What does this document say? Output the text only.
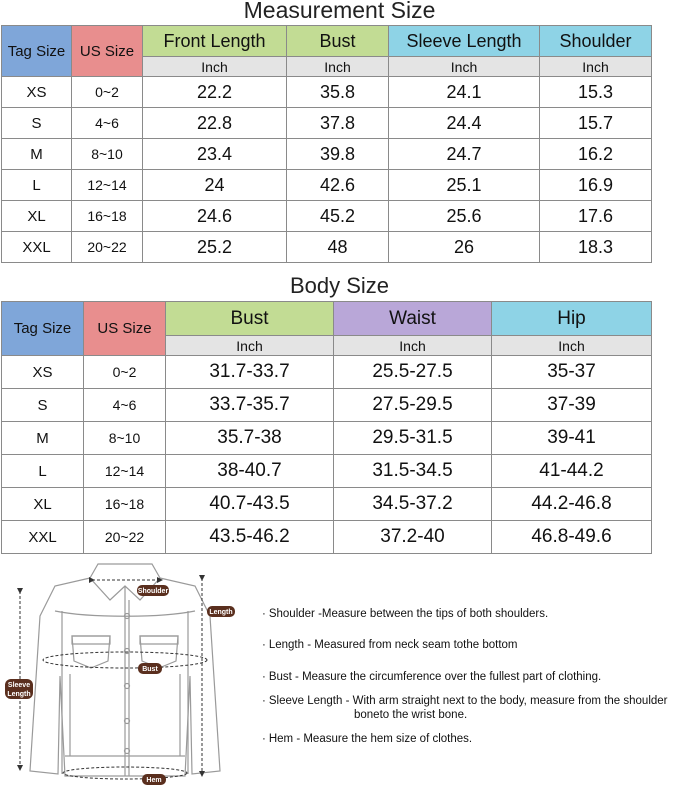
Measurement Size
Tag Size	US Size	Front Length	Bust	Sleeve Length	Shoulder
		Inch	Inch	Inch	Inch
XS	0~2	22.2	35.8	24.1	15.3
S	4~6	22.8	37.8	24.4	15.7
M	8~10	23.4	39.8	24.7	16.2
L	12~14	24	42.6	25.1	16.9
XL	16~18	24.6	45.2	25.6	17.6
XXL	20~22	25.2	48	26	18.3
Body Size
Tag Size	US Size	Bust	Waist	Hip
		Inch	Inch	Inch
XS	0~2	31.7-33.7	25.5-27.5	35-37
S	4~6	33.7-35.7	27.5-29.5	37-39
M	8~10	35.7-38	29.5-31.5	39-41
L	12~14	38-40.7	31.5-34.5	41-44.2
XL	16~18	40.7-43.5	34.5-37.2	44.2-46.8
XXL	20~22	43.5-46.2	37.2-40	46.8-49.6
Shoulder
Length
Bust
Sleeve
Length
Hem
· Shoulder -Measure between the tips of both shoulders.
· Length - Measured from neck seam tothe bottom
· Bust - Measure the circumference over the fullest part of clothing.
· Sleeve Length - With arm straight next to the body, measure from the shoulder
boneto the wrist bone.
· Hem - Measure the hem size of clothes.
